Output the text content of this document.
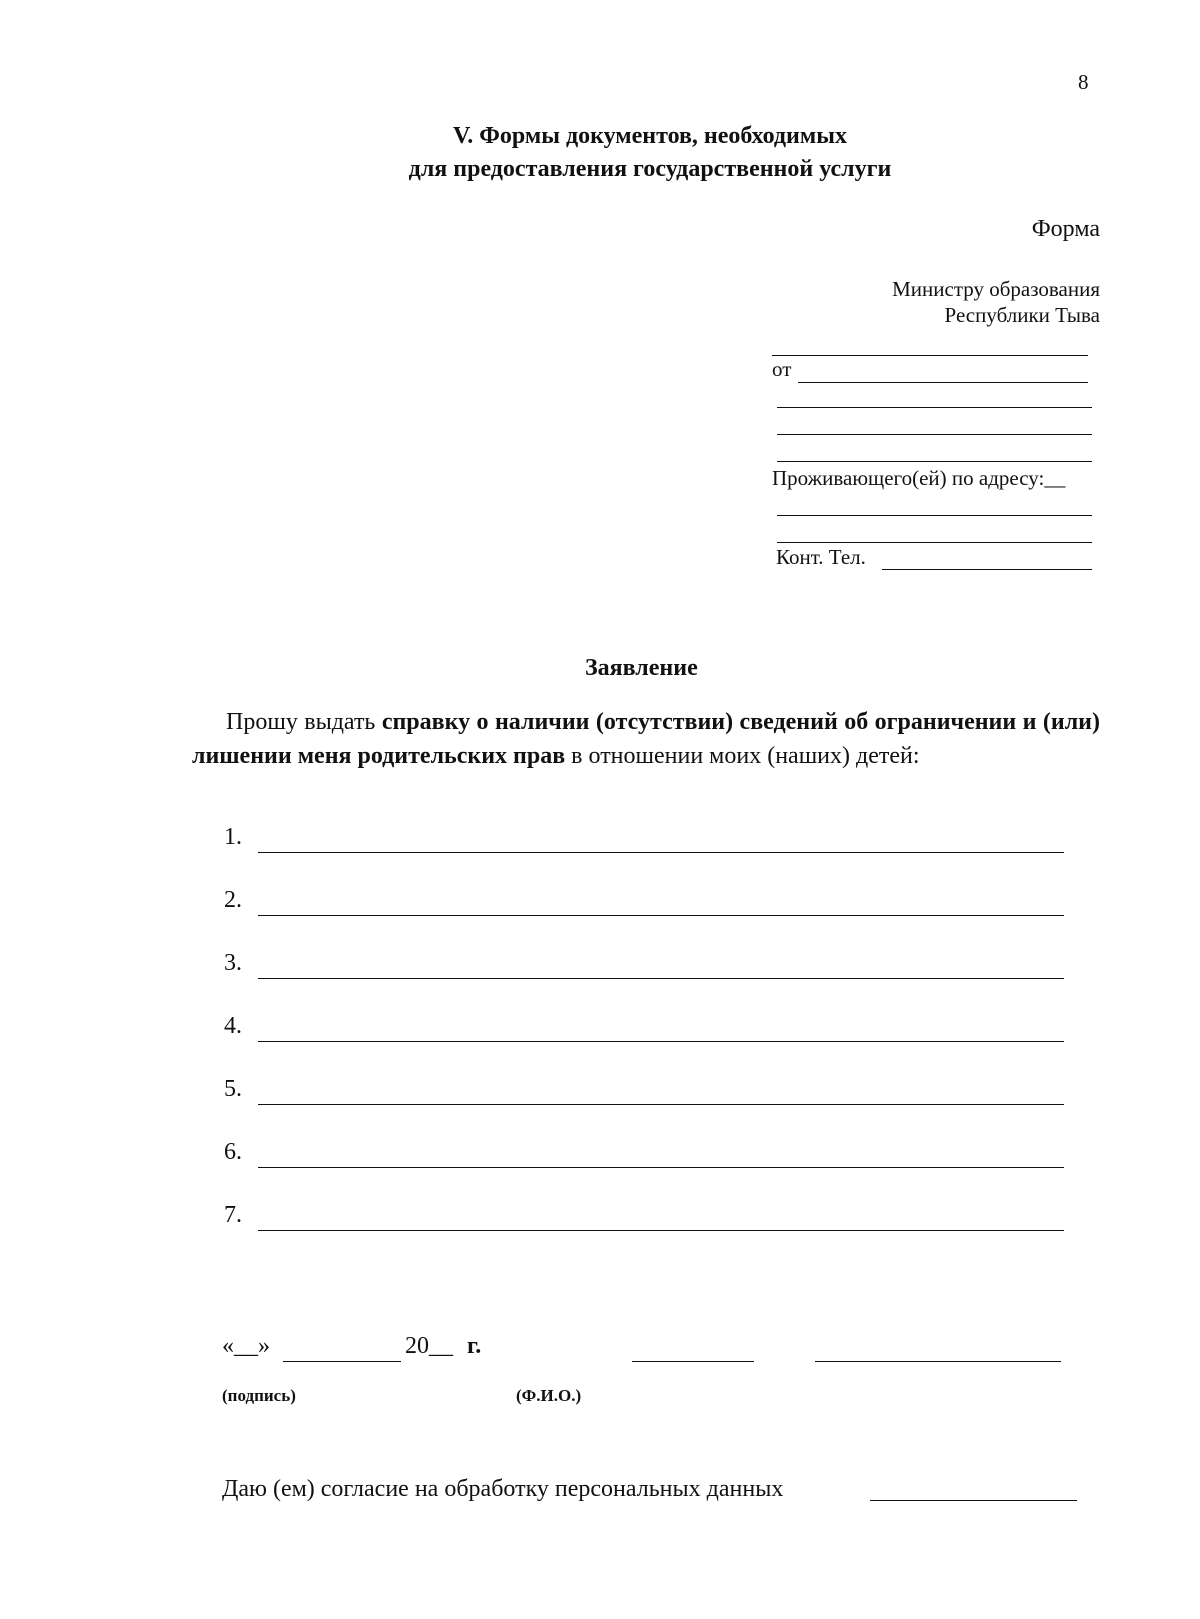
8
V. Формы документов, необходимых
для предоставления государственной услуги
Форма
Министру образования
Республики Тыва
от
Проживающего(ей) по адресу:__
Конт. Тел.
Заявление
Прошу выдать справку о наличии (отсутствии) сведений об ограничении и (или) лишении меня родительских прав в отношении моих (наших) детей:
1.
2.
3.
4.
5.
6.
7.
«__»	20__ г.
(подпись)	(Ф.И.О.)
Даю (ем) согласие на обработку персональных данных
